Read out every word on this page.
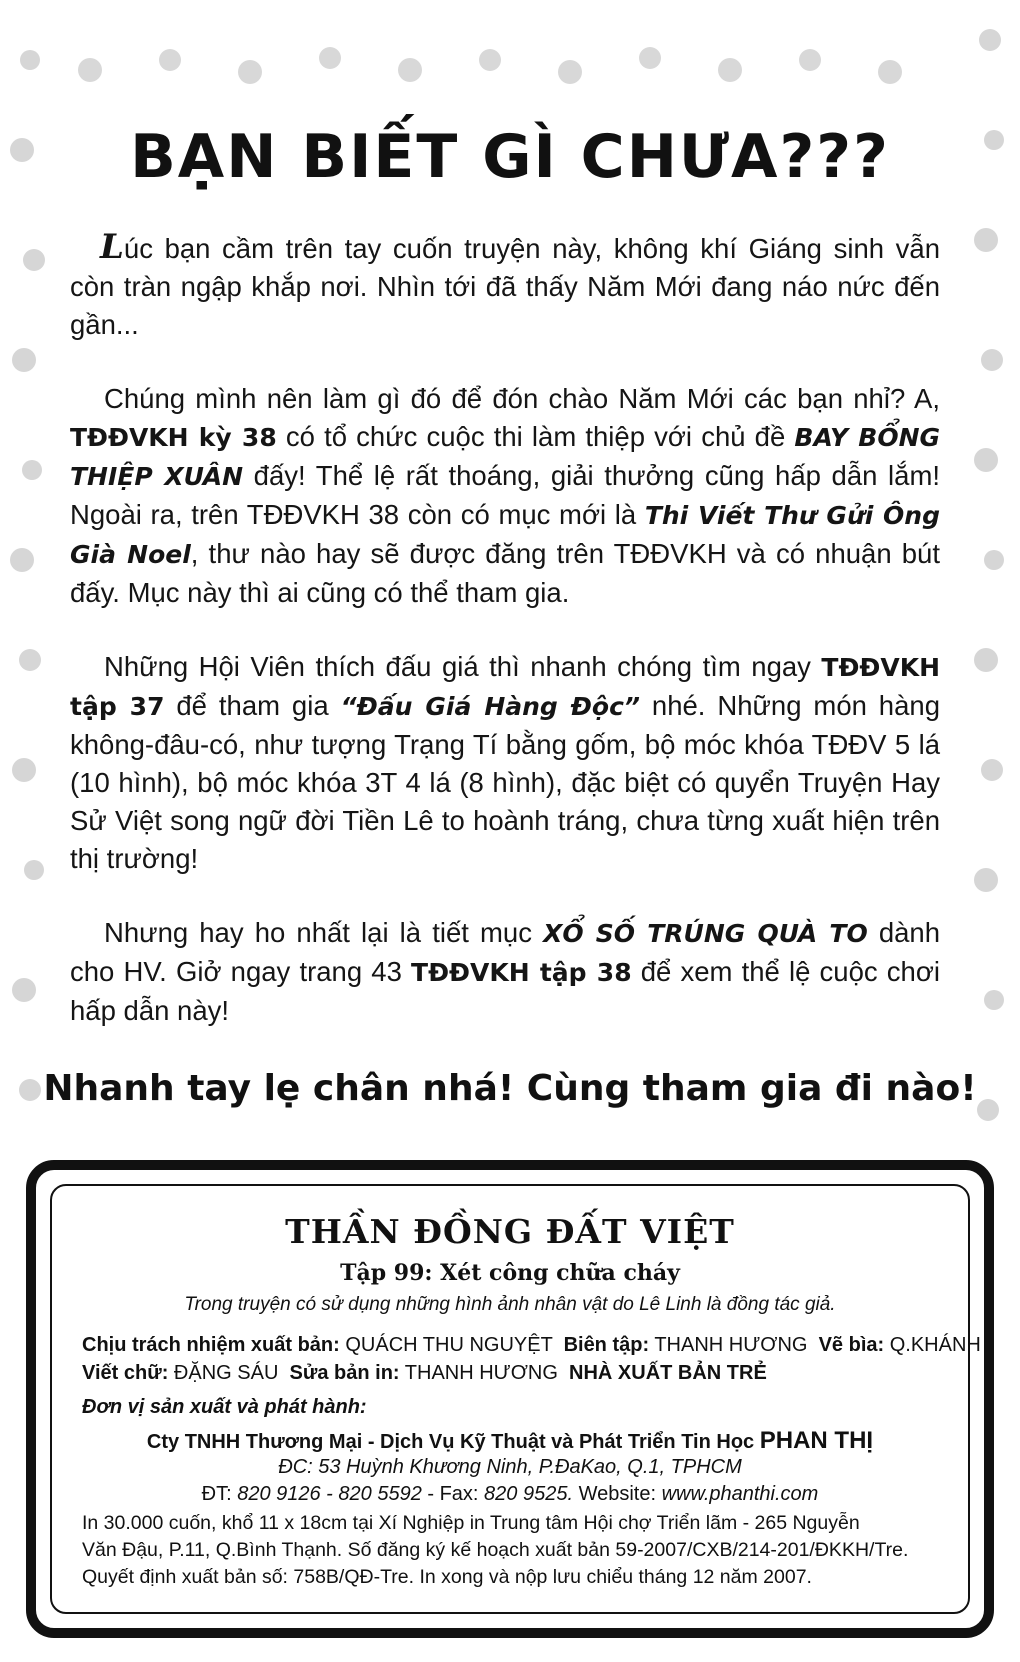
BẠN BIẾT GÌ CHƯA???

Lúc bạn cầm trên tay cuốn truyện này, không khí Giáng sinh vẫn còn tràn ngập khắp nơi. Nhìn tới đã thấy Năm Mới đang náo nức đến gần...

Chúng mình nên làm gì đó để đón chào Năm Mới các bạn nhỉ? A, TĐĐVKH kỳ 38 có tổ chức cuộc thi làm thiệp với chủ đề BAY BỔNG THIỆP XUÂN đấy! Thể lệ rất thoáng, giải thưởng cũng hấp dẫn lắm! Ngoài ra, trên TĐĐVKH 38 còn có mục mới là Thi Viết Thư Gửi Ông Già Noel, thư nào hay sẽ được đăng trên TĐĐVKH và có nhuận bút đấy. Mục này thì ai cũng có thể tham gia.

Những Hội Viên thích đấu giá thì nhanh chóng tìm ngay TĐĐVKH tập 37 để tham gia “Đấu Giá Hàng Độc” nhé. Những món hàng không-đâu-có, như tượng Trạng Tí bằng gốm, bộ móc khóa TĐĐV 5 lá (10 hình), bộ móc khóa 3T 4 lá (8 hình), đặc biệt có quyển Truyện Hay Sử Việt song ngữ đời Tiền Lê to hoành tráng, chưa từng xuất hiện trên thị trường!

Nhưng hay ho nhất lại là tiết mục XỔ SỐ TRÚNG QUÀ TO dành cho HV. Giở ngay trang 43 TĐĐVKH tập 38 để xem thể lệ cuộc chơi hấp dẫn này!

Nhanh tay lẹ chân nhá! Cùng tham gia đi nào!
THẦN ĐỒNG ĐẤT VIỆT
Tập 99: Xét công chữa cháy
Trong truyện có sử dụng những hình ảnh nhân vật do Lê Linh là đồng tác giả.
Chịu trách nhiệm xuất bản: QUÁCH THU NGUYỆT Biên tập: THANH HƯƠNG Vẽ bìa: Q.KHÁNH
Viết chữ: ĐẶNG SÁU Sửa bản in: THANH HƯƠNG NHÀ XUẤT BẢN TRẺ
Đơn vị sản xuất và phát hành:
Cty TNHH Thương Mại - Dịch Vụ Kỹ Thuật và Phát Triển Tin Học PHAN THỊ
ĐC: 53 Huỳnh Khương Ninh, P.ĐaKao, Q.1, TPHCM
ĐT: 820 9126 - 820 5592 - Fax: 820 9525. Website: www.phanthi.com
In 30.000 cuốn, khổ 11 x 18cm tại Xí Nghiệp in Trung tâm Hội chợ Triển lãm - 265 Nguyễn
Văn Đậu, P.11, Q.Bình Thạnh. Số đăng ký kế hoạch xuất bản 59-2007/CXB/214-201/ĐKKH/Tre.
Quyết định xuất bản số: 758B/QĐ-Tre. In xong và nộp lưu chiểu tháng 12 năm 2007.
